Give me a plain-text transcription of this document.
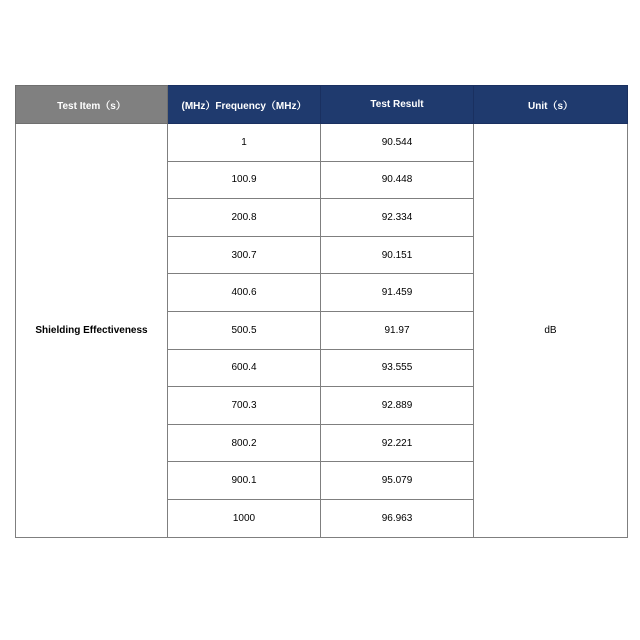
Test Item（s）	(MHz）Frequency（MHz）	Test Result	Unit（s）
Shielding Effectiveness	1	90.544	dB
	100.9	90.448	
	200.8	92.334	
	300.7	90.151	
	400.6	91.459	
	500.5	91.97	
	600.4	93.555	
	700.3	92.889	
	800.2	92.221	
	900.1	95.079	
	1000	96.963	
